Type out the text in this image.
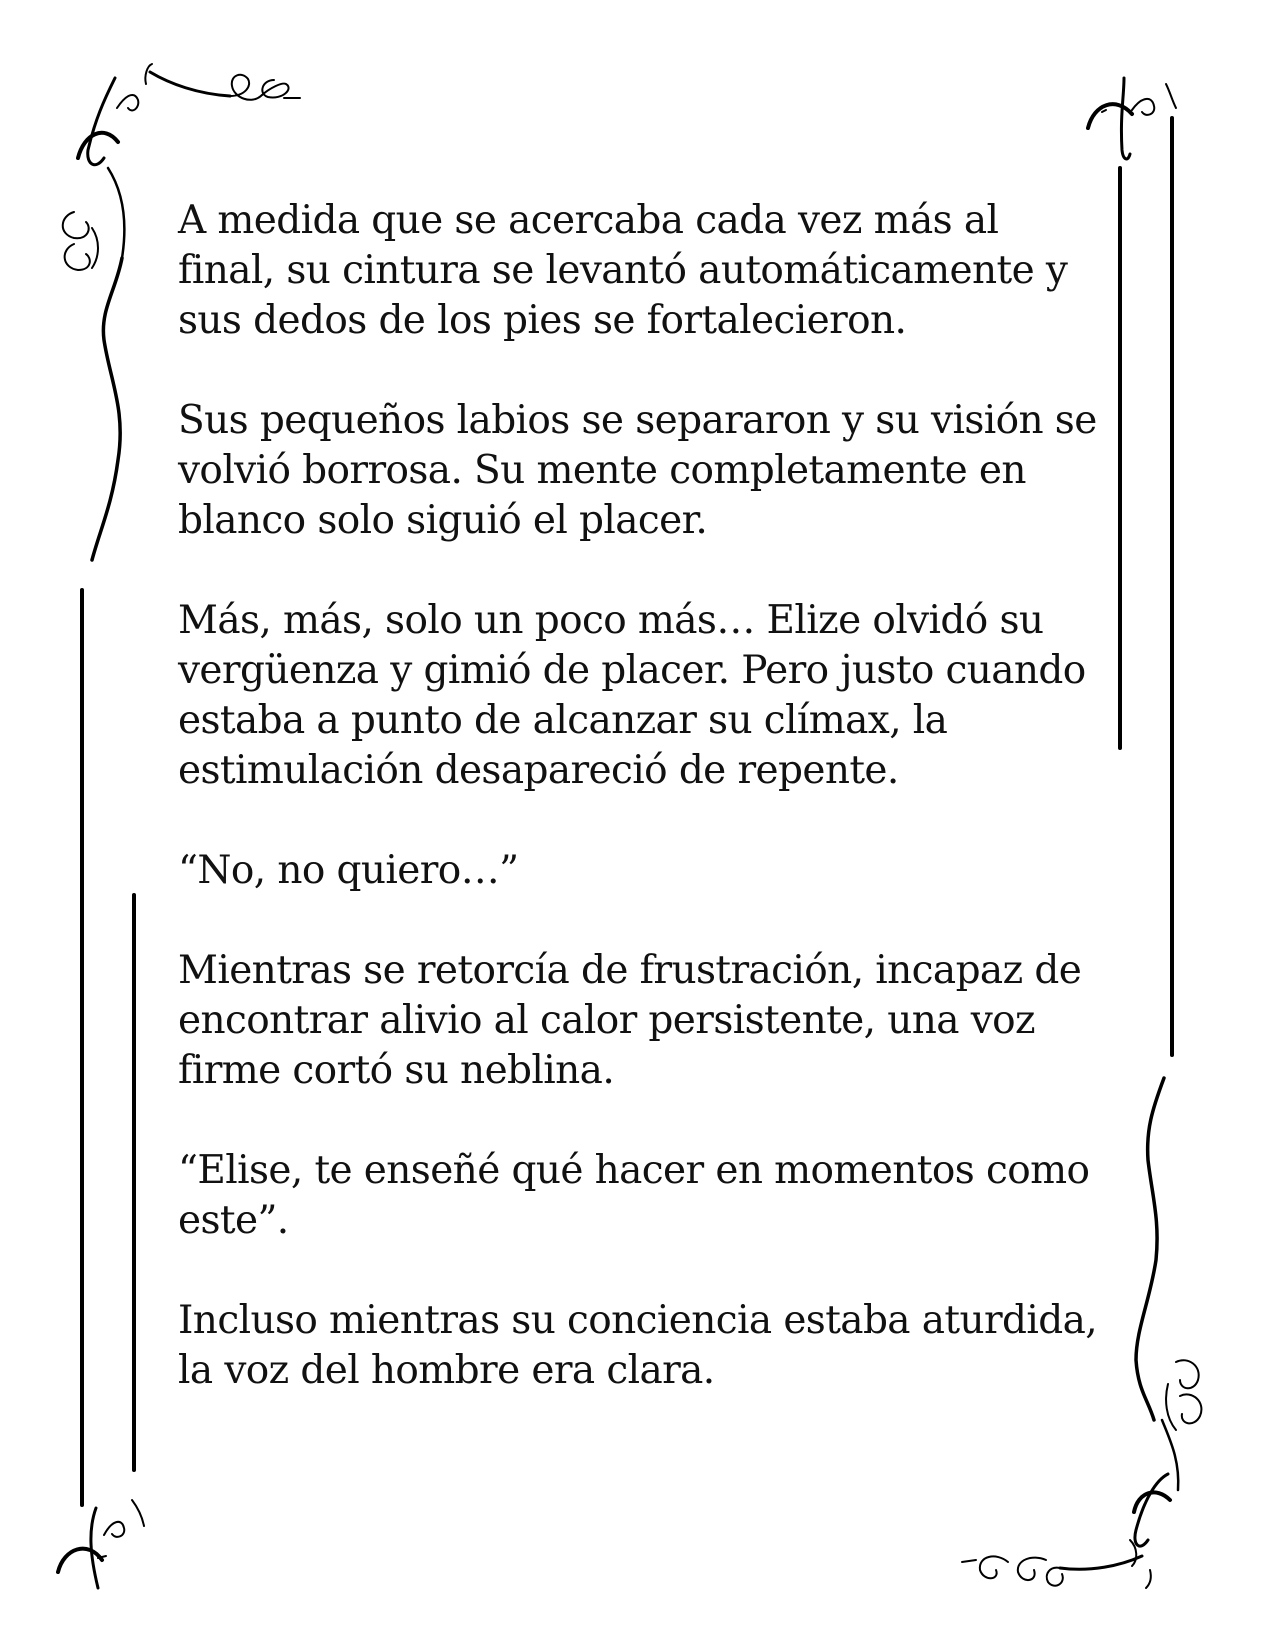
A medida que se acercaba cada vez más al
final, su cintura se levantó automáticamente y
sus dedos de los pies se fortalecieron.

Sus pequeños labios se separaron y su visión se
volvió borrosa. Su mente completamente en
blanco solo siguió el placer.

Más, más, solo un poco más… Elize olvidó su
vergüenza y gimió de placer. Pero justo cuando
estaba a punto de alcanzar su clímax, la
estimulación desapareció de repente.

“No, no quiero…”

Mientras se retorcía de frustración, incapaz de
encontrar alivio al calor persistente, una voz
firme cortó su neblina.

“Elise, te enseñé qué hacer en momentos como
este”.

Incluso mientras su conciencia estaba aturdida,
la voz del hombre era clara.
